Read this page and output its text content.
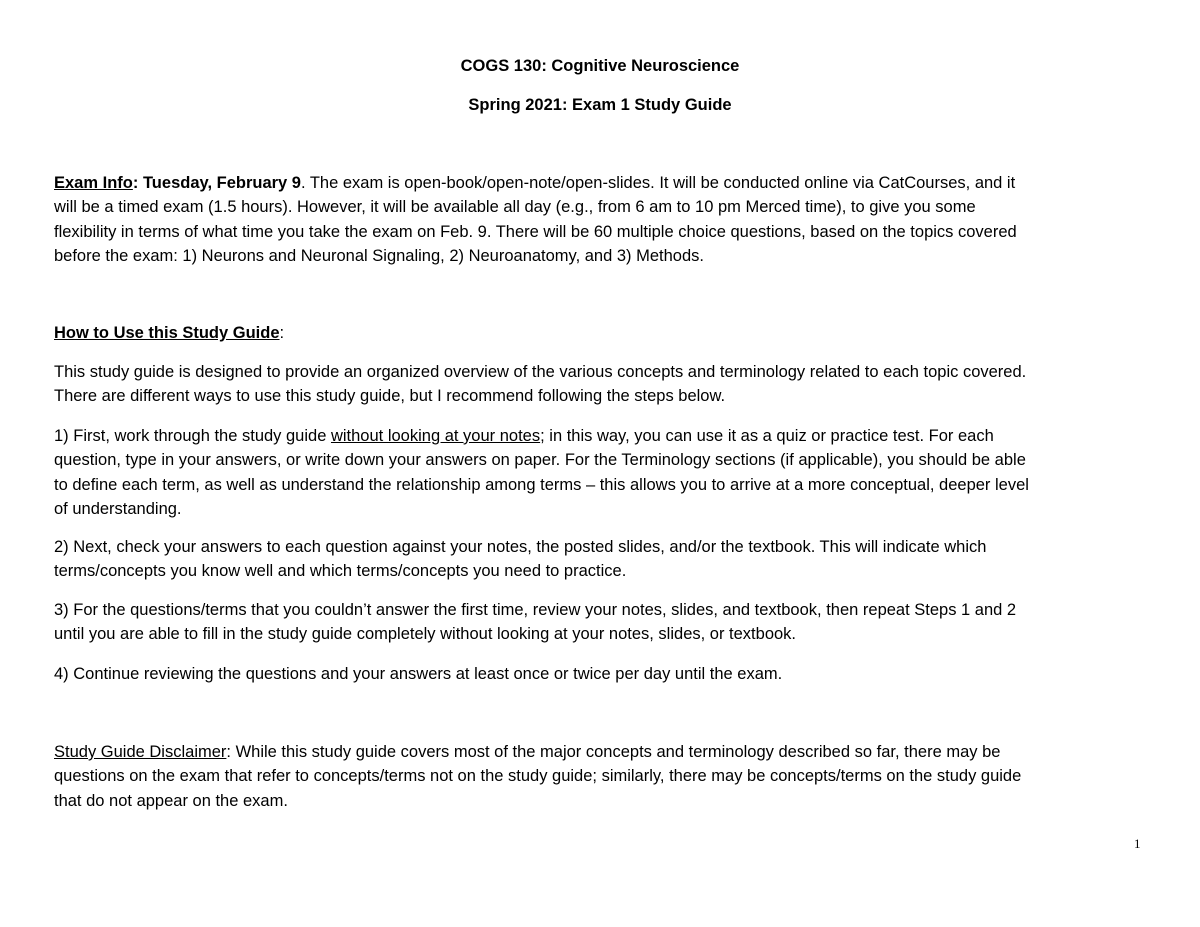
COGS 130: Cognitive Neuroscience
Spring 2021: Exam 1 Study Guide

Exam Info: Tuesday, February 9. The exam is open-book/open-note/open-slides. It will be conducted online via CatCourses, and it

will be a timed exam (1.5 hours). However, it will be available all day (e.g., from 6 am to 10 pm Merced time), to give you some

flexibility in terms of what time you take the exam on Feb. 9. There will be 60 multiple choice questions, based on the topics covered

before the exam: 1) Neurons and Neuronal Signaling, 2) Neuroanatomy, and 3) Methods.

How to Use this Study Guide:

This study guide is designed to provide an organized overview of the various concepts and terminology related to each topic covered.

There are different ways to use this study guide, but I recommend following the steps below.

1) First, work through the study guide without looking at your notes; in this way, you can use it as a quiz or practice test. For each

question, type in your answers, or write down your answers on paper. For the Terminology sections (if applicable), you should be able

to define each term, as well as understand the relationship among terms – this allows you to arrive at a more conceptual, deeper level

of understanding.

2) Next, check your answers to each question against your notes, the posted slides, and/or the textbook. This will indicate which

terms/concepts you know well and which terms/concepts you need to practice.

3) For the questions/terms that you couldn’t answer the first time, review your notes, slides, and textbook, then repeat Steps 1 and 2

until you are able to fill in the study guide completely without looking at your notes, slides, or textbook.

4) Continue reviewing the questions and your answers at least once or twice per day until the exam.

Study Guide Disclaimer: While this study guide covers most of the major concepts and terminology described so far, there may be

questions on the exam that refer to concepts/terms not on the study guide; similarly, there may be concepts/terms on the study guide

that do not appear on the exam.

1
